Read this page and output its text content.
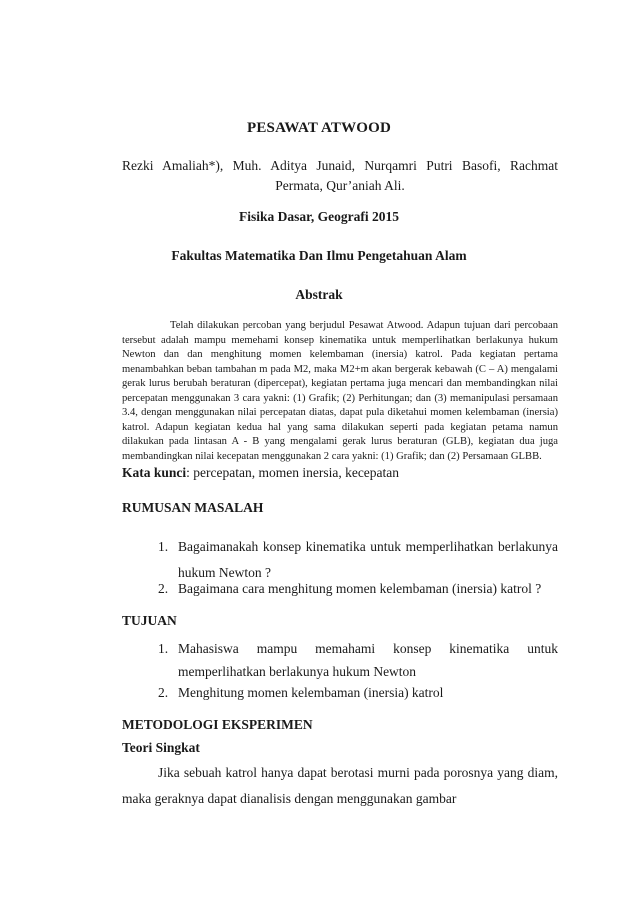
PESAWAT ATWOOD
Rezki Amaliah*), Muh. Aditya Junaid, Nurqamri Putri Basofi, Rachmat Permata, Qur’aniah Ali.
Fisika Dasar, Geografi 2015
Fakultas Matematika Dan Ilmu Pengetahuan Alam
Abstrak

Telah dilakukan percoban yang berjudul Pesawat Atwood. Adapun tujuan dari percobaan tersebut adalah mampu memehami konsep kinematika untuk memperlihatkan berlakunya hukum Newton dan dan menghitung momen kelembaman (inersia) katrol. Pada kegiatan pertama menambahkan beban tambahan m pada M2, maka M2+m akan bergerak kebawah (C – A) mengalami gerak lurus berubah beraturan (dipercepat), kegiatan pertama juga mencari dan membandingkan nilai percepatan menggunakan 3 cara yakni: (1) Grafik; (2) Perhitungan; dan (3) memanipulasi persamaan 3.4, dengan menggunakan nilai percepatan diatas, dapat pula diketahui momen kelembaman (inersia) katrol. Adapun kegiatan kedua hal yang sama dilakukan seperti pada kegiatan petama namun dilakukan pada lintasan A - B yang mengalami gerak lurus beraturan (GLB), kegiatan dua juga membandingkan nilai kecepatan menggunakan 2 cara yakni: (1) Grafik; dan (2) Persamaan GLBB.

Kata kunci: percepatan, momen inersia, kecepatan
RUMUSAN MASALAH
1. Bagaimanakah konsep kinematika untuk memperlihatkan berlakunya
hukum Newton ?
2. Bagaimana cara menghitung momen kelembaman (inersia) katrol ?
TUJUAN
1. Mahasiswa mampu memahami konsep kinematika untuk
memperlihatkan berlakunya hukum Newton
2. Menghitung momen kelembaman (inersia) katrol
METODOLOGI EKSPERIMEN
Teori Singkat

Jika sebuah katrol hanya dapat berotasi murni pada porosnya yang diam, maka geraknya dapat dianalisis dengan menggunakan gambar
